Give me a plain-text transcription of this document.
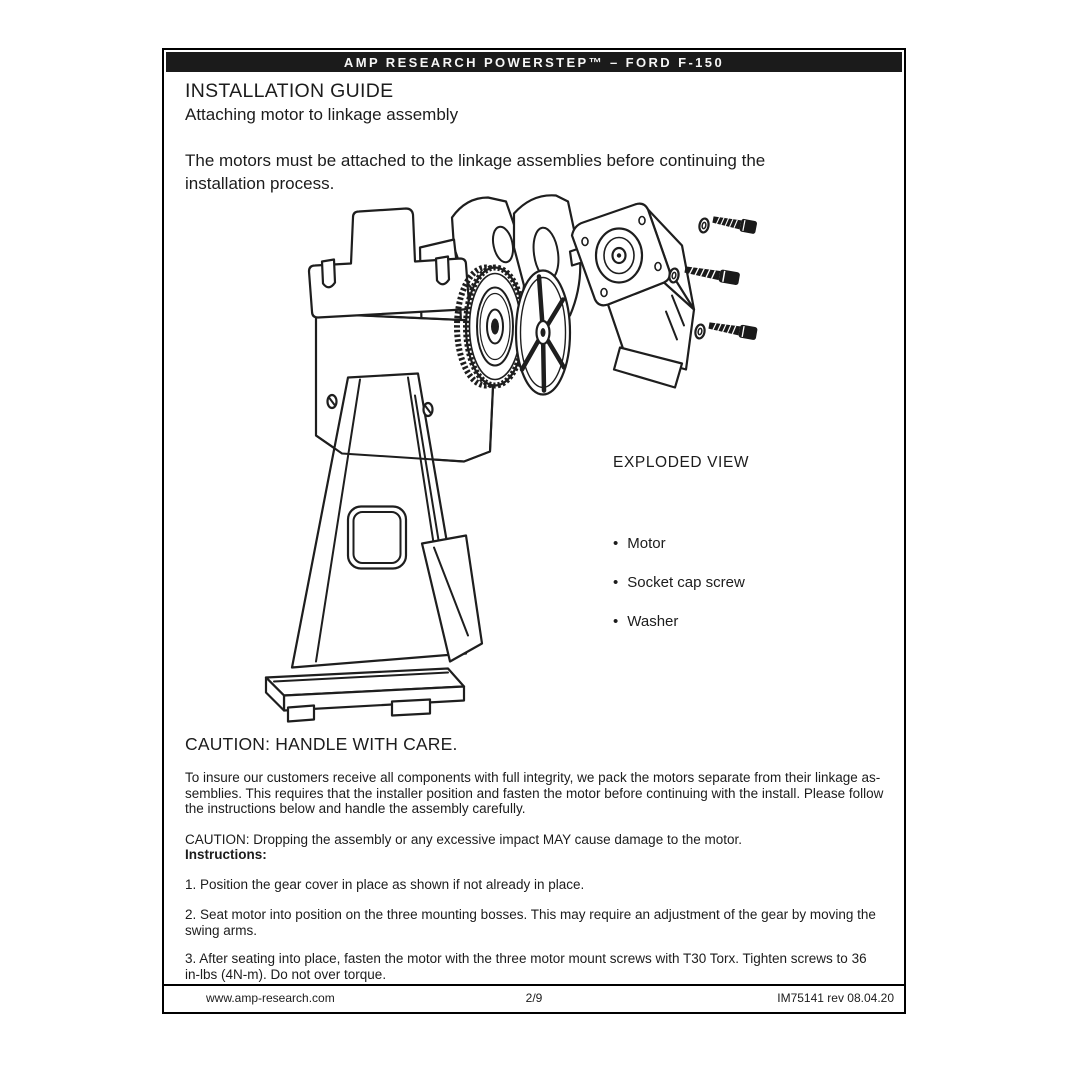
AMP RESEARCH POWERSTEP™ – FORD F-150
INSTALLATION GUIDE
Attaching motor to linkage assembly
The motors must be attached to the linkage assemblies before continuing the
installation process.
EXPLODED VIEW
• Motor
• Socket cap screw
• Washer
CAUTION: HANDLE WITH CARE.
To insure our customers receive all components with full integrity, we pack the motors separate from their linkage as-
semblies. This requires that the installer position and fasten the motor before continuing with the install. Please follow
the instructions below and handle the assembly carefully.
CAUTION: Dropping the assembly or any excessive impact MAY cause damage to the motor.
Instructions:
1. Position the gear cover in place as shown if not already in place.
2. Seat motor into position on the three mounting bosses. This may require an adjustment of the gear by moving the
swing arms.
3. After seating into place, fasten the motor with the three motor mount screws with T30 Torx. Tighten screws to 36
in-lbs (4N-m). Do not over torque.
www.amp-research.com	2/9	IM75141 rev 08.04.20
